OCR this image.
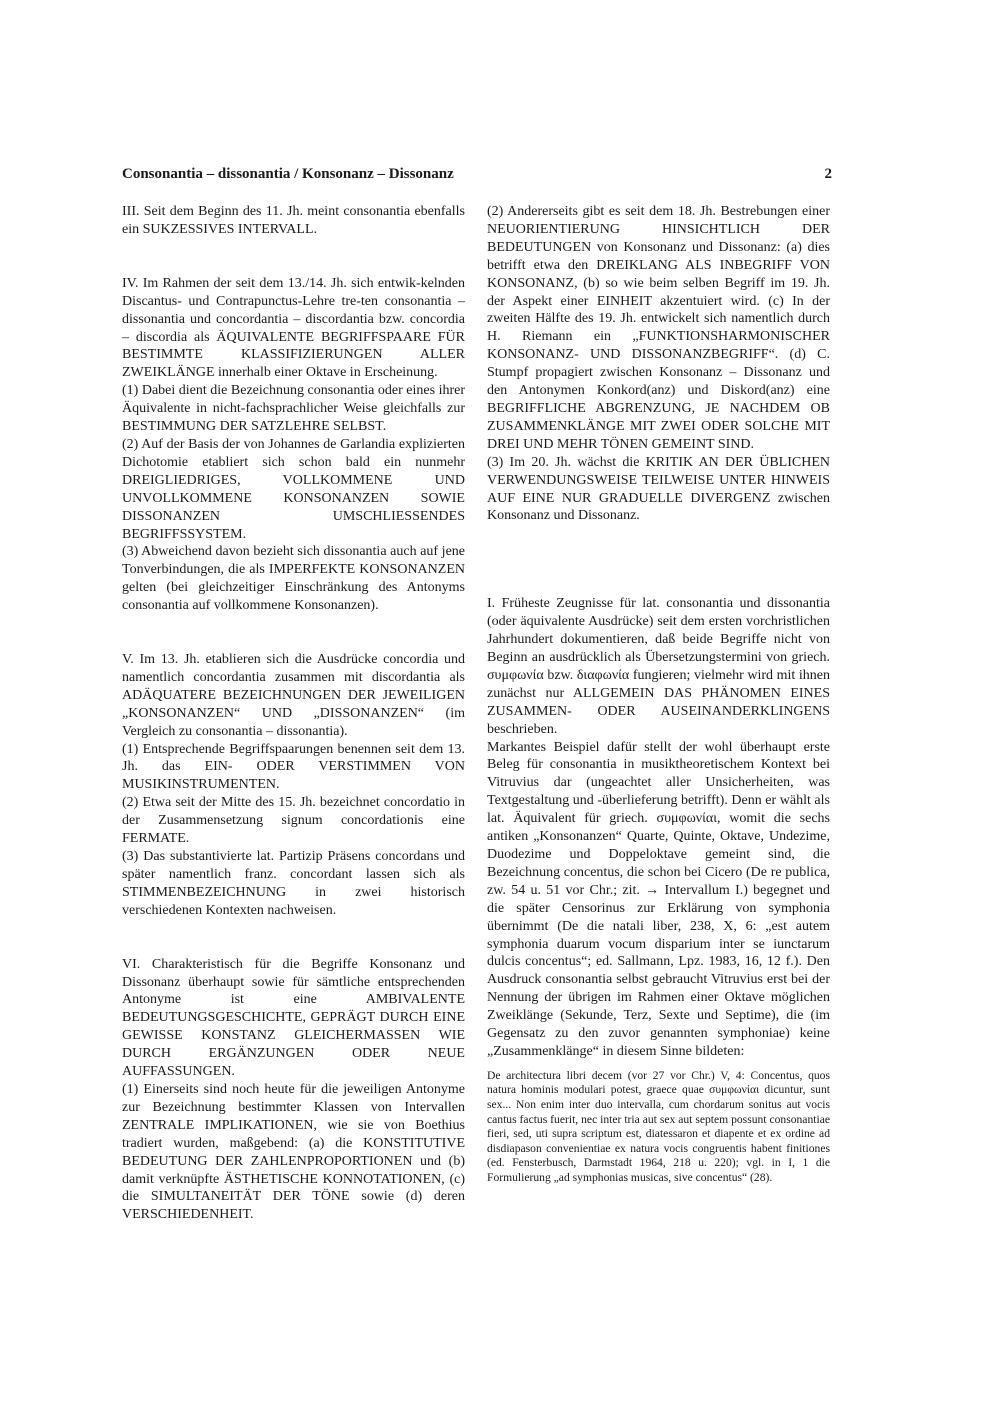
Consonantia – dissonantia / Konsonanz – Dissonanz	2

III. Seit dem Beginn des 11. Jh. meint consonantia ebenfalls ein SUKZESSIVES INTERVALL.

IV. Im Rahmen der seit dem 13./14. Jh. sich entwik-kelnden Discantus- und Contrapunctus-Lehre tre-ten consonantia – dissonantia und concordantia – discordantia bzw. concordia – discordia als ÄQUIVALENTE BEGRIFFSPAARE FÜR BESTIMMTE KLASSIFIZIERUNGEN ALLER ZWEIKLÄNGE innerhalb einer Oktave in Erscheinung.

(1) Dabei dient die Bezeichnung consonantia oder eines ihrer Äquivalente in nicht-fachsprachlicher Weise gleichfalls zur BESTIMMUNG DER SATZLEHRE SELBST.

(2) Auf der Basis der von Johannes de Garlandia explizierten Dichotomie etabliert sich schon bald ein nunmehr DREIGLIEDRIGES, VOLLKOMMENE UND UNVOLLKOMMENE KONSONANZEN SOWIE DISSONANZEN UMSCHLIESSENDES BEGRIFFSSYSTEM.

(3) Abweichend davon bezieht sich dissonantia auch auf jene Tonverbindungen, die als IMPERFEKTE KONSONANZEN gelten (bei gleichzeitiger Einschränkung des Antonyms consonantia auf vollkommene Konsonanzen).

V. Im 13. Jh. etablieren sich die Ausdrücke concordia und namentlich concordantia zusammen mit discordantia als ADÄQUATERE BEZEICHNUNGEN DER JEWEILIGEN „KONSONANZEN“ UND „DISSONANZEN“ (im Vergleich zu consonantia – dissonantia).

(1) Entsprechende Begriffspaarungen benennen seit dem 13. Jh. das EIN- ODER VERSTIMMEN VON MUSIKINSTRUMENTEN.

(2) Etwa seit der Mitte des 15. Jh. bezeichnet concordatio in der Zusammensetzung signum concordationis eine FERMATE.

(3) Das substantivierte lat. Partizip Präsens concordans und später namentlich franz. concordant lassen sich als STIMMENBEZEICHNUNG in zwei historisch verschiedenen Kontexten nachweisen.

VI. Charakteristisch für die Begriffe Konsonanz und Dissonanz überhaupt sowie für sämtliche entsprechenden Antonyme ist eine AMBIVALENTE BEDEUTUNGSGESCHICHTE, GEPRÄGT DURCH EINE GEWISSE KONSTANZ GLEICHERMASSEN WIE DURCH ERGÄNZUNGEN ODER NEUE AUFFASSUNGEN.

(1) Einerseits sind noch heute für die jeweiligen Antonyme zur Bezeichnung bestimmter Klassen von Intervallen ZENTRALE IMPLIKATIONEN, wie sie von Boethius tradiert wurden, maßgebend: (a) die KONSTITUTIVE BEDEUTUNG DER ZAHLENPROPORTIONEN und (b) damit verknüpfte ÄSTHETISCHE KONNOTATIONEN, (c) die SIMULTANEITÄT DER TÖNE sowie (d) deren VERSCHIEDENHEIT.

(2) Andererseits gibt es seit dem 18. Jh. Bestrebungen einer NEUORIENTIERUNG HINSICHTLICH DER BEDEUTUNGEN von Konsonanz und Dissonanz: (a) dies betrifft etwa den DREIKLANG ALS INBEGRIFF VON KONSONANZ, (b) so wie beim selben Begriff im 19. Jh. der Aspekt einer EINHEIT akzentuiert wird. (c) In der zweiten Hälfte des 19. Jh. entwickelt sich namentlich durch H. Riemann ein „FUNKTIONSHARMONISCHER KONSONANZ- UND DISSONANZBEGRIFF“. (d) C. Stumpf propagiert zwischen Konsonanz – Dissonanz und den Antonymen Konkord(anz) und Diskord(anz) eine BEGRIFFLICHE ABGRENZUNG, JE NACHDEM OB ZUSAMMENKLÄNGE MIT ZWEI ODER SOLCHE MIT DREI UND MEHR TÖNEN GEMEINT SIND.

(3) Im 20. Jh. wächst die KRITIK AN DER ÜBLICHEN VERWENDUNGSWEISE TEILWEISE UNTER HINWEIS AUF EINE NUR GRADUELLE DIVERGENZ zwischen Konsonanz und Dissonanz.

I. Früheste Zeugnisse für lat. consonantia und dissonantia (oder äquivalente Ausdrücke) seit dem ersten vorchristlichen Jahrhundert dokumentieren, daß beide Begriffe nicht von Beginn an ausdrücklich als Übersetzungstermini von griech. συμφωνία bzw. διαφωνία fungieren; vielmehr wird mit ihnen zunächst nur ALLGEMEIN DAS PHÄNOMEN EINES ZUSAMMEN- ODER AUSEINANDERKLINGENS beschrieben.

Markantes Beispiel dafür stellt der wohl überhaupt erste Beleg für consonantia in musiktheoretischem Kontext bei Vitruvius dar (ungeachtet aller Unsicherheiten, was Textgestaltung und -überlieferung betrifft). Denn er wählt als lat. Äquivalent für griech. συμφωνίαι, womit die sechs antiken „Konsonanzen“ Quarte, Quinte, Oktave, Undezime, Duodezime und Doppeloktave gemeint sind, die Bezeichnung concentus, die schon bei Cicero (De re publica, zw. 54 u. 51 vor Chr.; zit. → Intervallum I.) begegnet und die später Censorinus zur Erklärung von symphonia übernimmt (De die natali liber, 238, X, 6: „est autem symphonia duarum vocum disparium inter se iunctarum dulcis concentus“; ed. Sallmann, Lpz. 1983, 16, 12 f.). Den Ausdruck consonantia selbst gebraucht Vitruvius erst bei der Nennung der übrigen im Rahmen einer Oktave möglichen Zweiklänge (Sekunde, Terz, Sexte und Septime), die (im Gegensatz zu den zuvor genannten symphoniae) keine „Zusammenklänge“ in diesem Sinne bildeten:

De architectura libri decem (vor 27 vor Chr.) V, 4: Concentus, quos natura hominis modulari potest, graece quae συμφωνίαι dicuntur, sunt sex... Non enim inter duo intervalla, cum chordarum sonitus aut vocis cantus factus fuerit, nec inter tria aut sex aut septem possunt consonantiae fieri, sed, uti supra scriptum est, diatessaron et diapente et ex ordine ad disdiapason convenientiae ex natura vocis congruentis habent finitiones (ed. Fensterbusch, Darmstadt 1964, 218 u. 220); vgl. in I, 1 die Formulierung „ad symphonias musicas, sive concentus“ (28).
